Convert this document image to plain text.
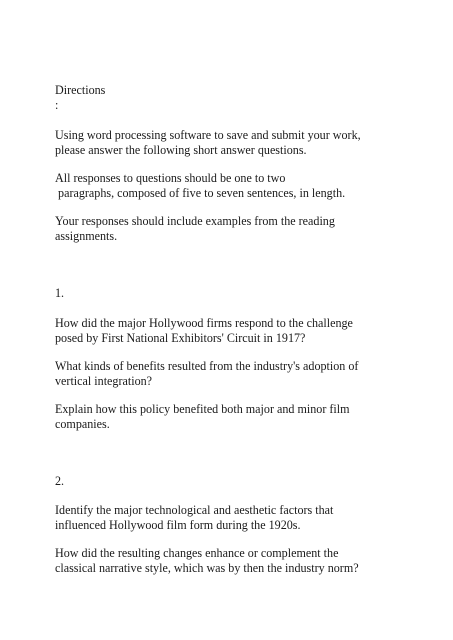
Directions

:

Using word processing software to save and submit your work,

please answer the following short answer questions.

All responses to questions should be one to two

paragraphs, composed of five to seven sentences, in length.

Your responses should include examples from the reading

assignments.

1.

How did the major Hollywood firms respond to the challenge

posed by First National Exhibitors' Circuit in 1917?

What kinds of benefits resulted from the industry's adoption of

vertical integration?

Explain how this policy benefited both major and minor film

companies.

2.

Identify the major technological and aesthetic factors that

influenced Hollywood film form during the 1920s.

How did the resulting changes enhance or complement the

classical narrative style, which was by then the industry norm?
